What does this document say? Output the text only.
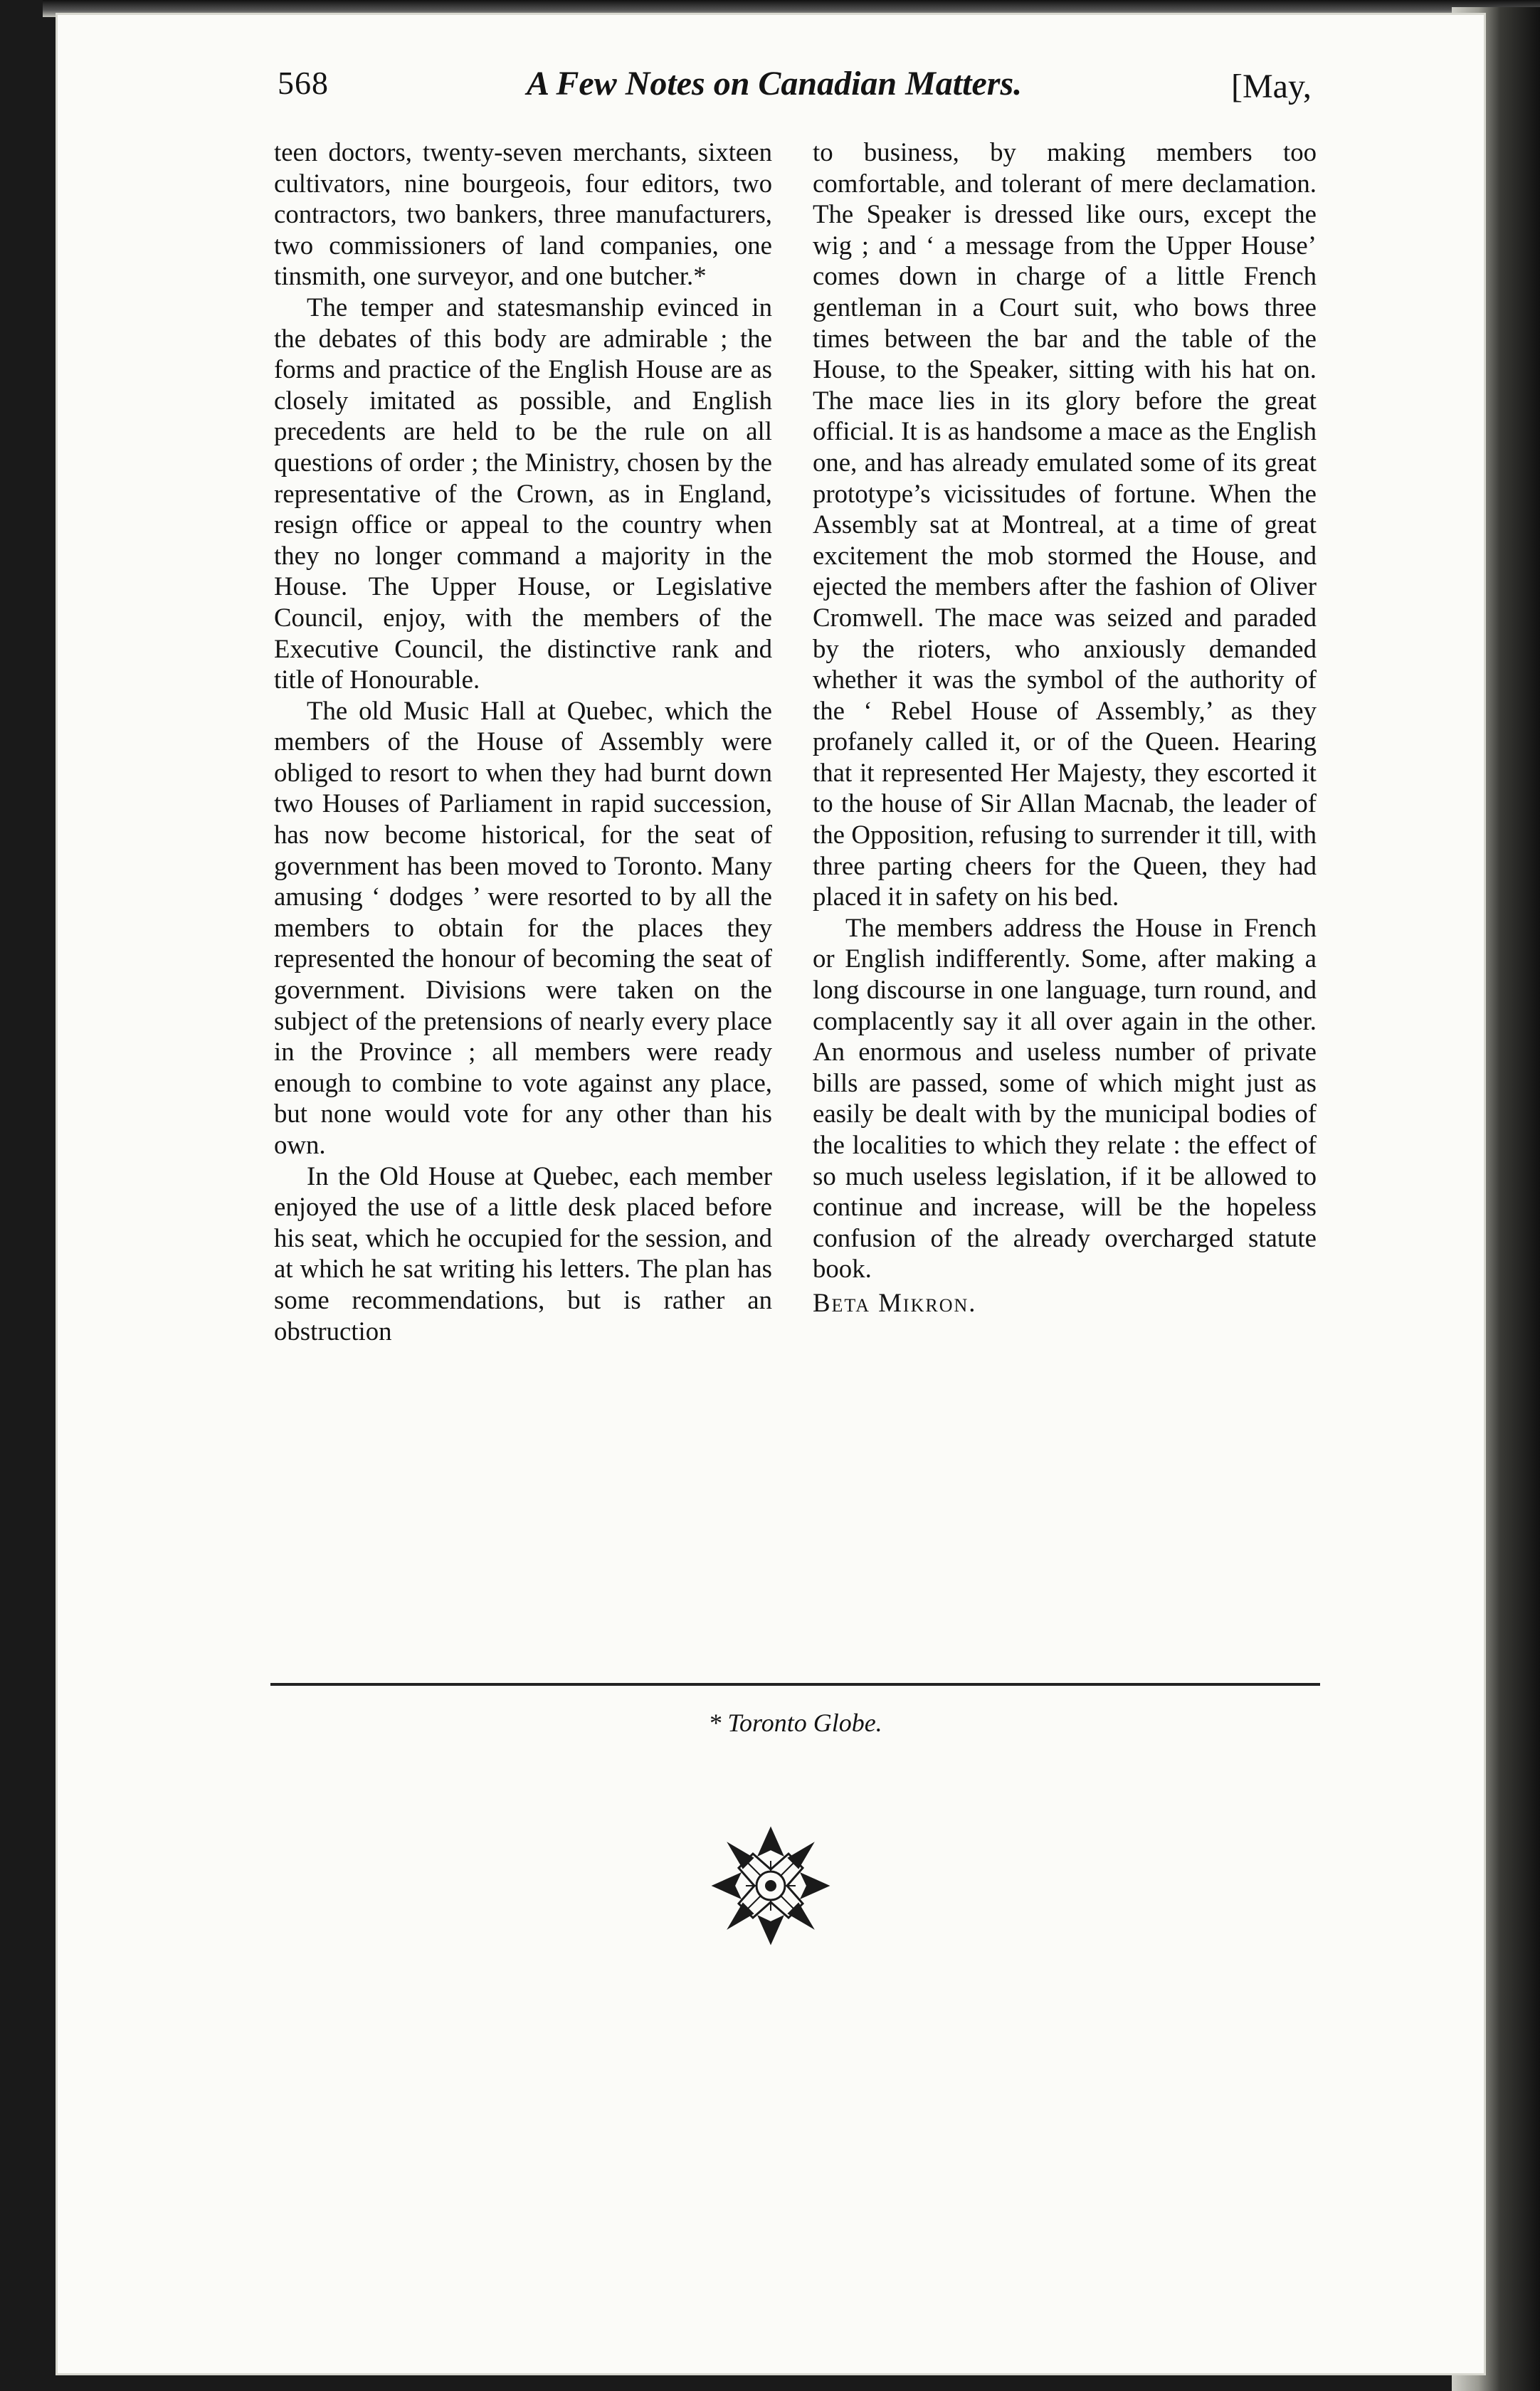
568	A Few Notes on Canadian Matters.	[May,

teen doctors, twenty-seven merchants, sixteen cultivators, nine bourgeois, four editors, two contractors, two bankers, three manufacturers, two commissioners of land companies, one tinsmith, one surveyor, and one butcher.*

The temper and statesmanship evinced in the debates of this body are admirable ; the forms and practice of the English House are as closely imitated as possible, and English precedents are held to be the rule on all questions of order ; the Ministry, chosen by the representative of the Crown, as in England, resign office or appeal to the country when they no longer command a majority in the House. The Upper House, or Legislative Council, enjoy, with the members of the Executive Council, the distinctive rank and title of Honourable.

The old Music Hall at Quebec, which the members of the House of Assembly were obliged to resort to when they had burnt down two Houses of Parliament in rapid succession, has now become historical, for the seat of government has been moved to Toronto. Many amusing ‘ dodges ’ were resorted to by all the members to obtain for the places they represented the honour of becoming the seat of government. Divisions were taken on the subject of the pretensions of nearly every place in the Province ; all members were ready enough to combine to vote against any place, but none would vote for any other than his own.

In the Old House at Quebec, each member enjoyed the use of a little desk placed before his seat, which he occupied for the session, and at which he sat writing his letters. The plan has some recommendations, but is rather an obstruction

to business, by making members too comfortable, and tolerant of mere declamation. The Speaker is dressed like ours, except the wig ; and ‘ a message from the Upper House’ comes down in charge of a little French gentleman in a Court suit, who bows three times between the bar and the table of the House, to the Speaker, sitting with his hat on. The mace lies in its glory before the great official. It is as handsome a mace as the English one, and has already emulated some of its great prototype’s vicissitudes of fortune. When the Assembly sat at Montreal, at a time of great excitement the mob stormed the House, and ejected the members after the fashion of Oliver Cromwell. The mace was seized and paraded by the rioters, who anxiously demanded whether it was the symbol of the authority of the ‘ Rebel House of Assembly,’ as they profanely called it, or of the Queen. Hearing that it represented Her Majesty, they escorted it to the house of Sir Allan Macnab, the leader of the Opposition, refusing to surrender it till, with three parting cheers for the Queen, they had placed it in safety on his bed.

The members address the House in French or English indifferently. Some, after making a long discourse in one language, turn round, and complacently say it all over again in the other. An enormous and useless number of private bills are passed, some of which might just as easily be dealt with by the municipal bodies of the localities to which they relate : the effect of so much useless legislation, if it be allowed to continue and increase, will be the hopeless confusion of the already overcharged statute book.

Beta Mikron.

* Toronto Globe.
